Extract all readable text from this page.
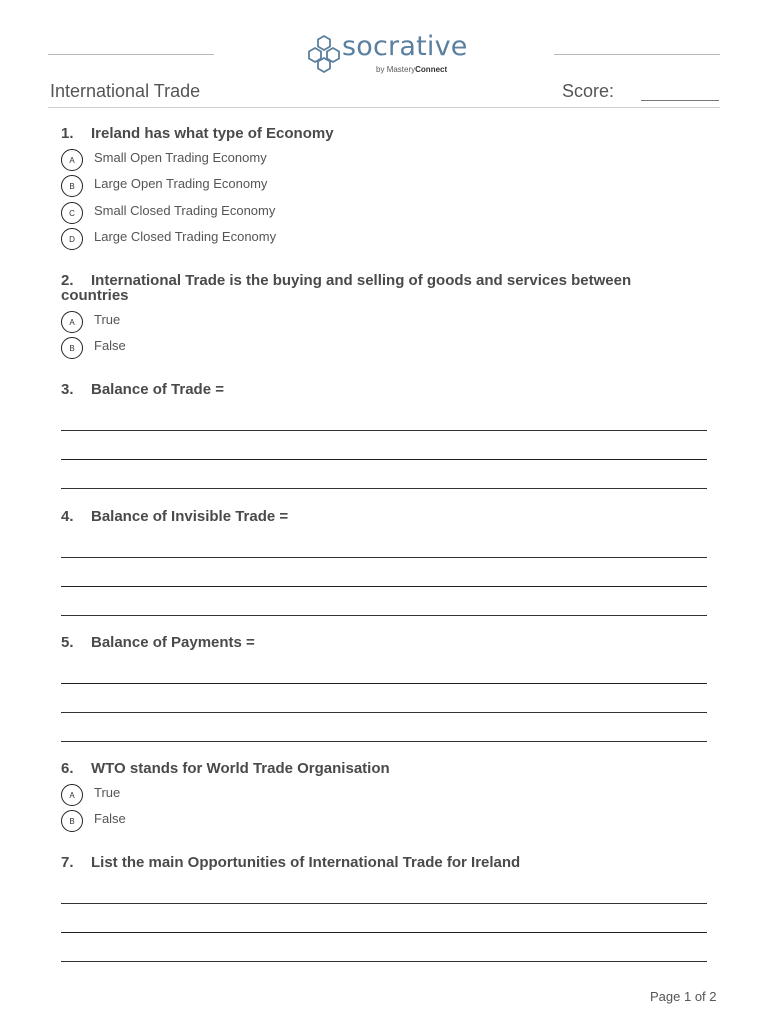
socrative
by MasteryConnect
International Trade	Score:
1. Ireland has what type of Economy
A	Small Open Trading Economy
B	Large Open Trading Economy
C	Small Closed Trading Economy
D	Large Closed Trading Economy
2. International Trade is the buying and selling of goods and services between countries
A	True
B	False
3. Balance of Trade =
4. Balance of Invisible Trade =
5. Balance of Payments =
6. WTO stands for World Trade Organisation
A	True
B	False
7. List the main Opportunities of International Trade for Ireland
Page 1 of 2
